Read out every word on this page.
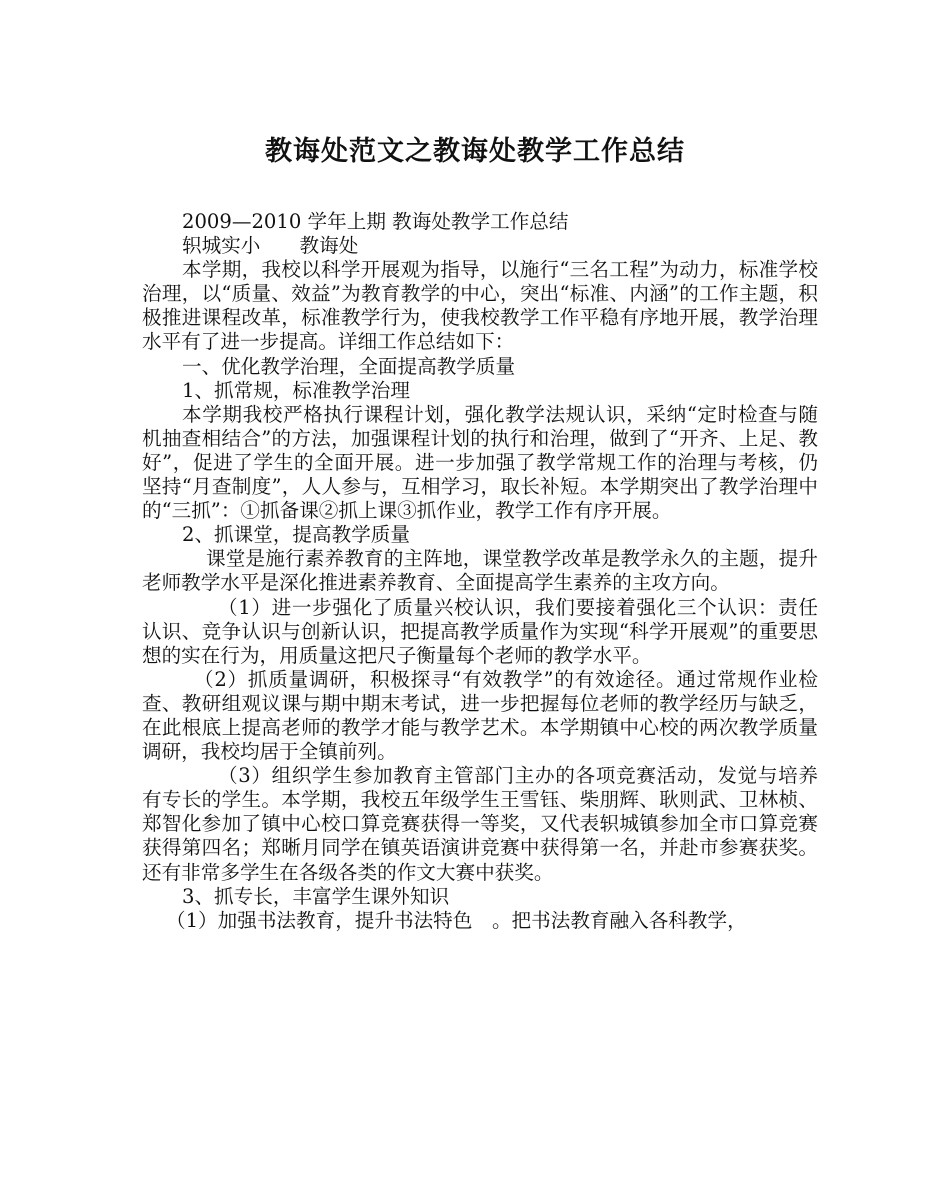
教诲处范文之教诲处教学工作总结

2009—2010 学年上期 教诲处教学工作总结

轵城实小　　教诲处

本学期，我校以科学开展观为指导，以施行“三名工程”为动力，标准学校治理，以“质量、效益”为教育教学的中心，突出“标准、内涵”的工作主题，积极推进课程改革，标准教学行为，使我校教学工作平稳有序地开展，教学治理水平有了进一步提高。详细工作总结如下：

一、优化教学治理，全面提高教学质量

1、抓常规，标准教学治理

本学期我校严格执行课程计划，强化教学法规认识，采纳“定时检查与随机抽查相结合”的方法，加强课程计划的执行和治理，做到了“开齐、上足、教好”，促进了学生的全面开展。进一步加强了教学常规工作的治理与考核，仍坚持“月查制度”，人人参与，互相学习，取长补短。本学期突出了教学治理中的“三抓”：①抓备课②抓上课③抓作业，教学工作有序开展。

2、抓课堂，提高教学质量

课堂是施行素养教育的主阵地，课堂教学改革是教学永久的主题，提升老师教学水平是深化推进素养教育、全面提高学生素养的主攻方向。

（1）进一步强化了质量兴校认识，我们要接着强化三个认识：责任认识、竞争认识与创新认识，把提高教学质量作为实现“科学开展观”的重要思想的实在行为，用质量这把尺子衡量每个老师的教学水平。

（2）抓质量调研，积极探寻“有效教学”的有效途径。通过常规作业检查、教研组观议课与期中期末考试，进一步把握每位老师的教学经历与缺乏，在此根底上提高老师的教学才能与教学艺术。本学期镇中心校的两次教学质量调研，我校均居于全镇前列。

（3）组织学生参加教育主管部门主办的各项竞赛活动，发觉与培养有专长的学生。本学期，我校五年级学生王雪钰、柴朋辉、耿则武、卫林桢、郑智化参加了镇中心校口算竞赛获得一等奖，又代表轵城镇参加全市口算竞赛获得第四名；郑晰月同学在镇英语演讲竞赛中获得第一名，并赴市参赛获奖。还有非常多学生在各级各类的作文大赛中获奖。

3、抓专长，丰富学生课外知识

（1）加强书法教育，提升书法特色　。把书法教育融入各科教学，
